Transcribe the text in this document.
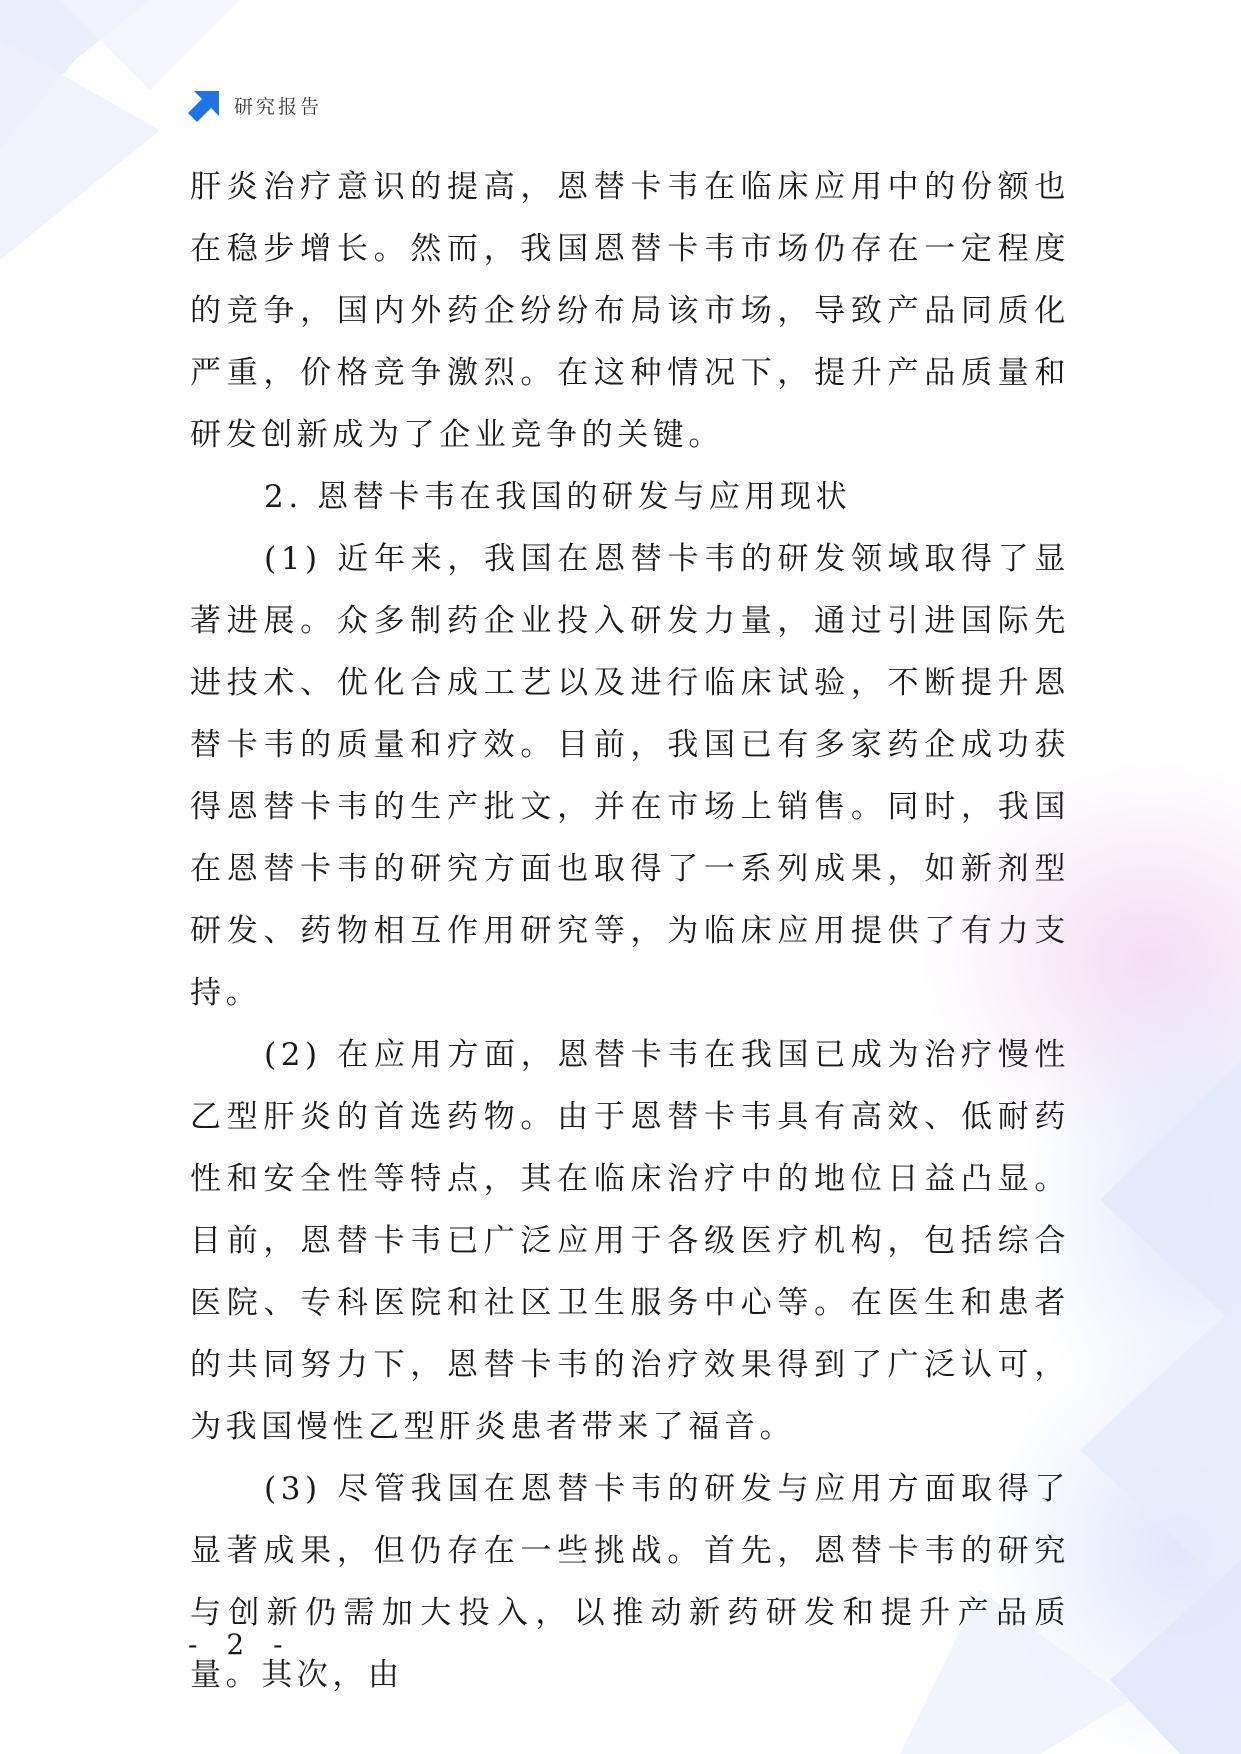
研究报告

肝炎治疗意识的提高，恩替卡韦在临床应用中的份额也在稳步增长。然而，我国恩替卡韦市场仍存在一定程度的竞争，国内外药企纷纷布局该市场，导致产品同质化严重，价格竞争激烈。在这种情况下，提升产品质量和研发创新成为了企业竞争的关键。

2. 恩替卡韦在我国的研发与应用现状

(1) 近年来，我国在恩替卡韦的研发领域取得了显著进展。众多制药企业投入研发力量，通过引进国际先进技术、优化合成工艺以及进行临床试验，不断提升恩替卡韦的质量和疗效。目前，我国已有多家药企成功获得恩替卡韦的生产批文，并在市场上销售。同时，我国在恩替卡韦的研究方面也取得了一系列成果，如新剂型研发、药物相互作用研究等，为临床应用提供了有力支持。

(2) 在应用方面，恩替卡韦在我国已成为治疗慢性乙型肝炎的首选药物。由于恩替卡韦具有高效、低耐药性和安全性等特点，其在临床治疗中的地位日益凸显。目前，恩替卡韦已广泛应用于各级医疗机构，包括综合医院、专科医院和社区卫生服务中心等。在医生和患者的共同努力下，恩替卡韦的治疗效果得到了广泛认可，为我国慢性乙型肝炎患者带来了福音。

(3) 尽管我国在恩替卡韦的研发与应用方面取得了显著成果，但仍存在一些挑战。首先，恩替卡韦的研究与创新仍需加大投入，以推动新药研发和提升产品质量。其次，由

- 2 -
